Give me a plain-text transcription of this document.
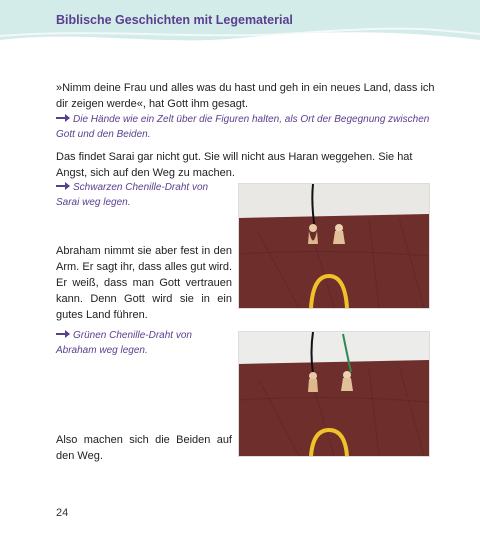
Biblische Geschichten mit Legematerial
»Nimm deine Frau und alles was du hast und geh in ein neues Land, dass ich dir zeigen werde«, hat Gott ihm gesagt.
Die Hände wie ein Zelt über die Figuren halten, als Ort der Begegnung zwischen Gott und den Beiden.
Das findet Sarai gar nicht gut. Sie will nicht aus Haran weggehen. Sie hat Angst, sich auf den Weg zu machen.
Schwarzen Chenille-Draht von Sarai weg legen.
Abraham nimmt sie aber fest in den Arm. Er sagt ihr, dass alles gut wird. Er weiß, dass man Gott vertrauen kann. Denn Gott wird sie in ein gutes Land führen.
Grünen Chenille-Draht von Abraham weg legen.
Also machen sich die Beiden auf den Weg.
24
